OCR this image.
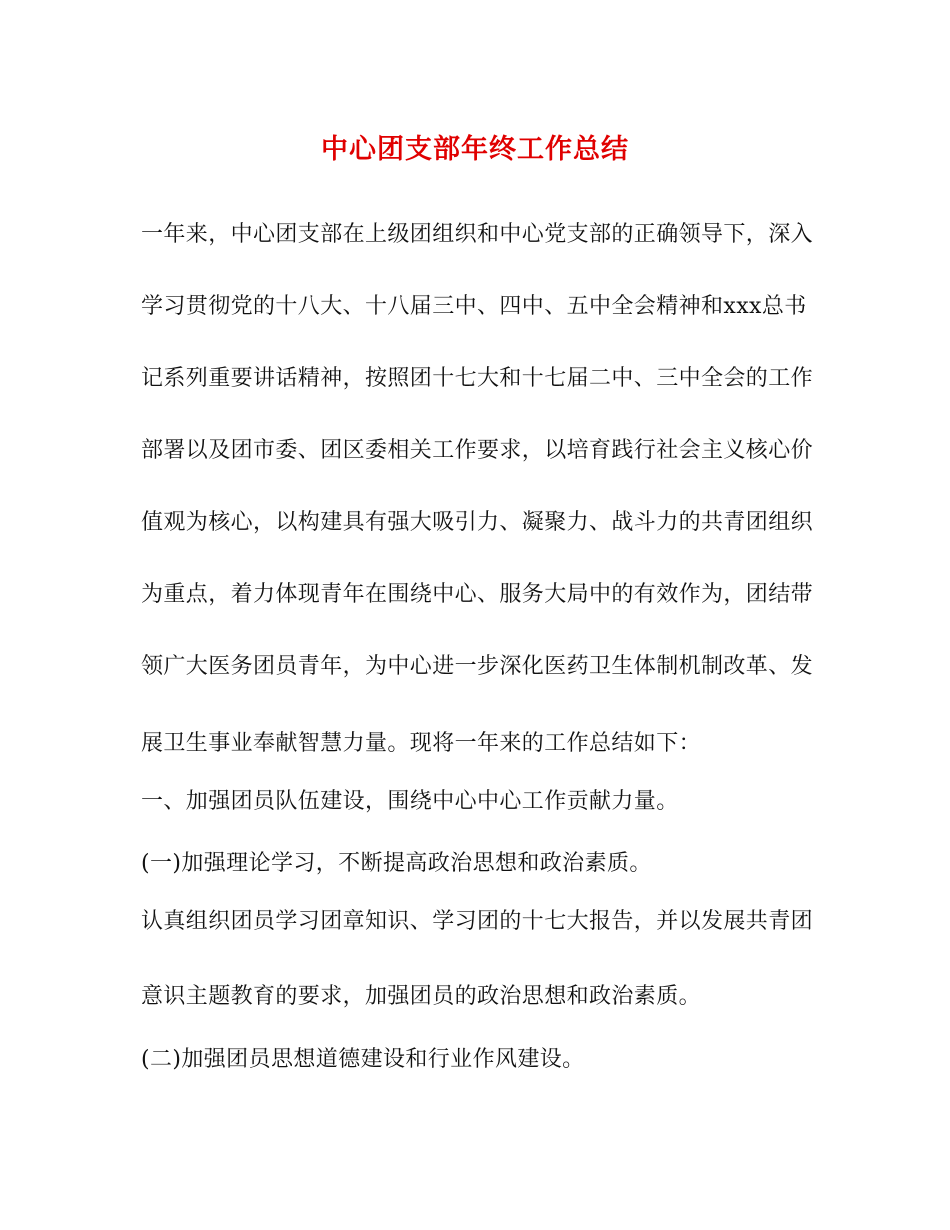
中心团支部年终工作总结
一年来，中心团支部在上级团组织和中心党支部的正确领导下，深入
学习贯彻党的十八大、十八届三中、四中、五中全会精神和xxx总书
记系列重要讲话精神，按照团十七大和十七届二中、三中全会的工作
部署以及团市委、团区委相关工作要求，以培育践行社会主义核心价
值观为核心，以构建具有强大吸引力、凝聚力、战斗力的共青团组织
为重点，着力体现青年在围绕中心、服务大局中的有效作为，团结带
领广大医务团员青年，为中心进一步深化医药卫生体制机制改革、发
展卫生事业奉献智慧力量。现将一年来的工作总结如下：
一、加强团员队伍建设，围绕中心中心工作贡献力量。
(一)加强理论学习，不断提高政治思想和政治素质。
认真组织团员学习团章知识、学习团的十七大报告，并以发展共青团
意识主题教育的要求，加强团员的政治思想和政治素质。
(二)加强团员思想道德建设和行业作风建设。
